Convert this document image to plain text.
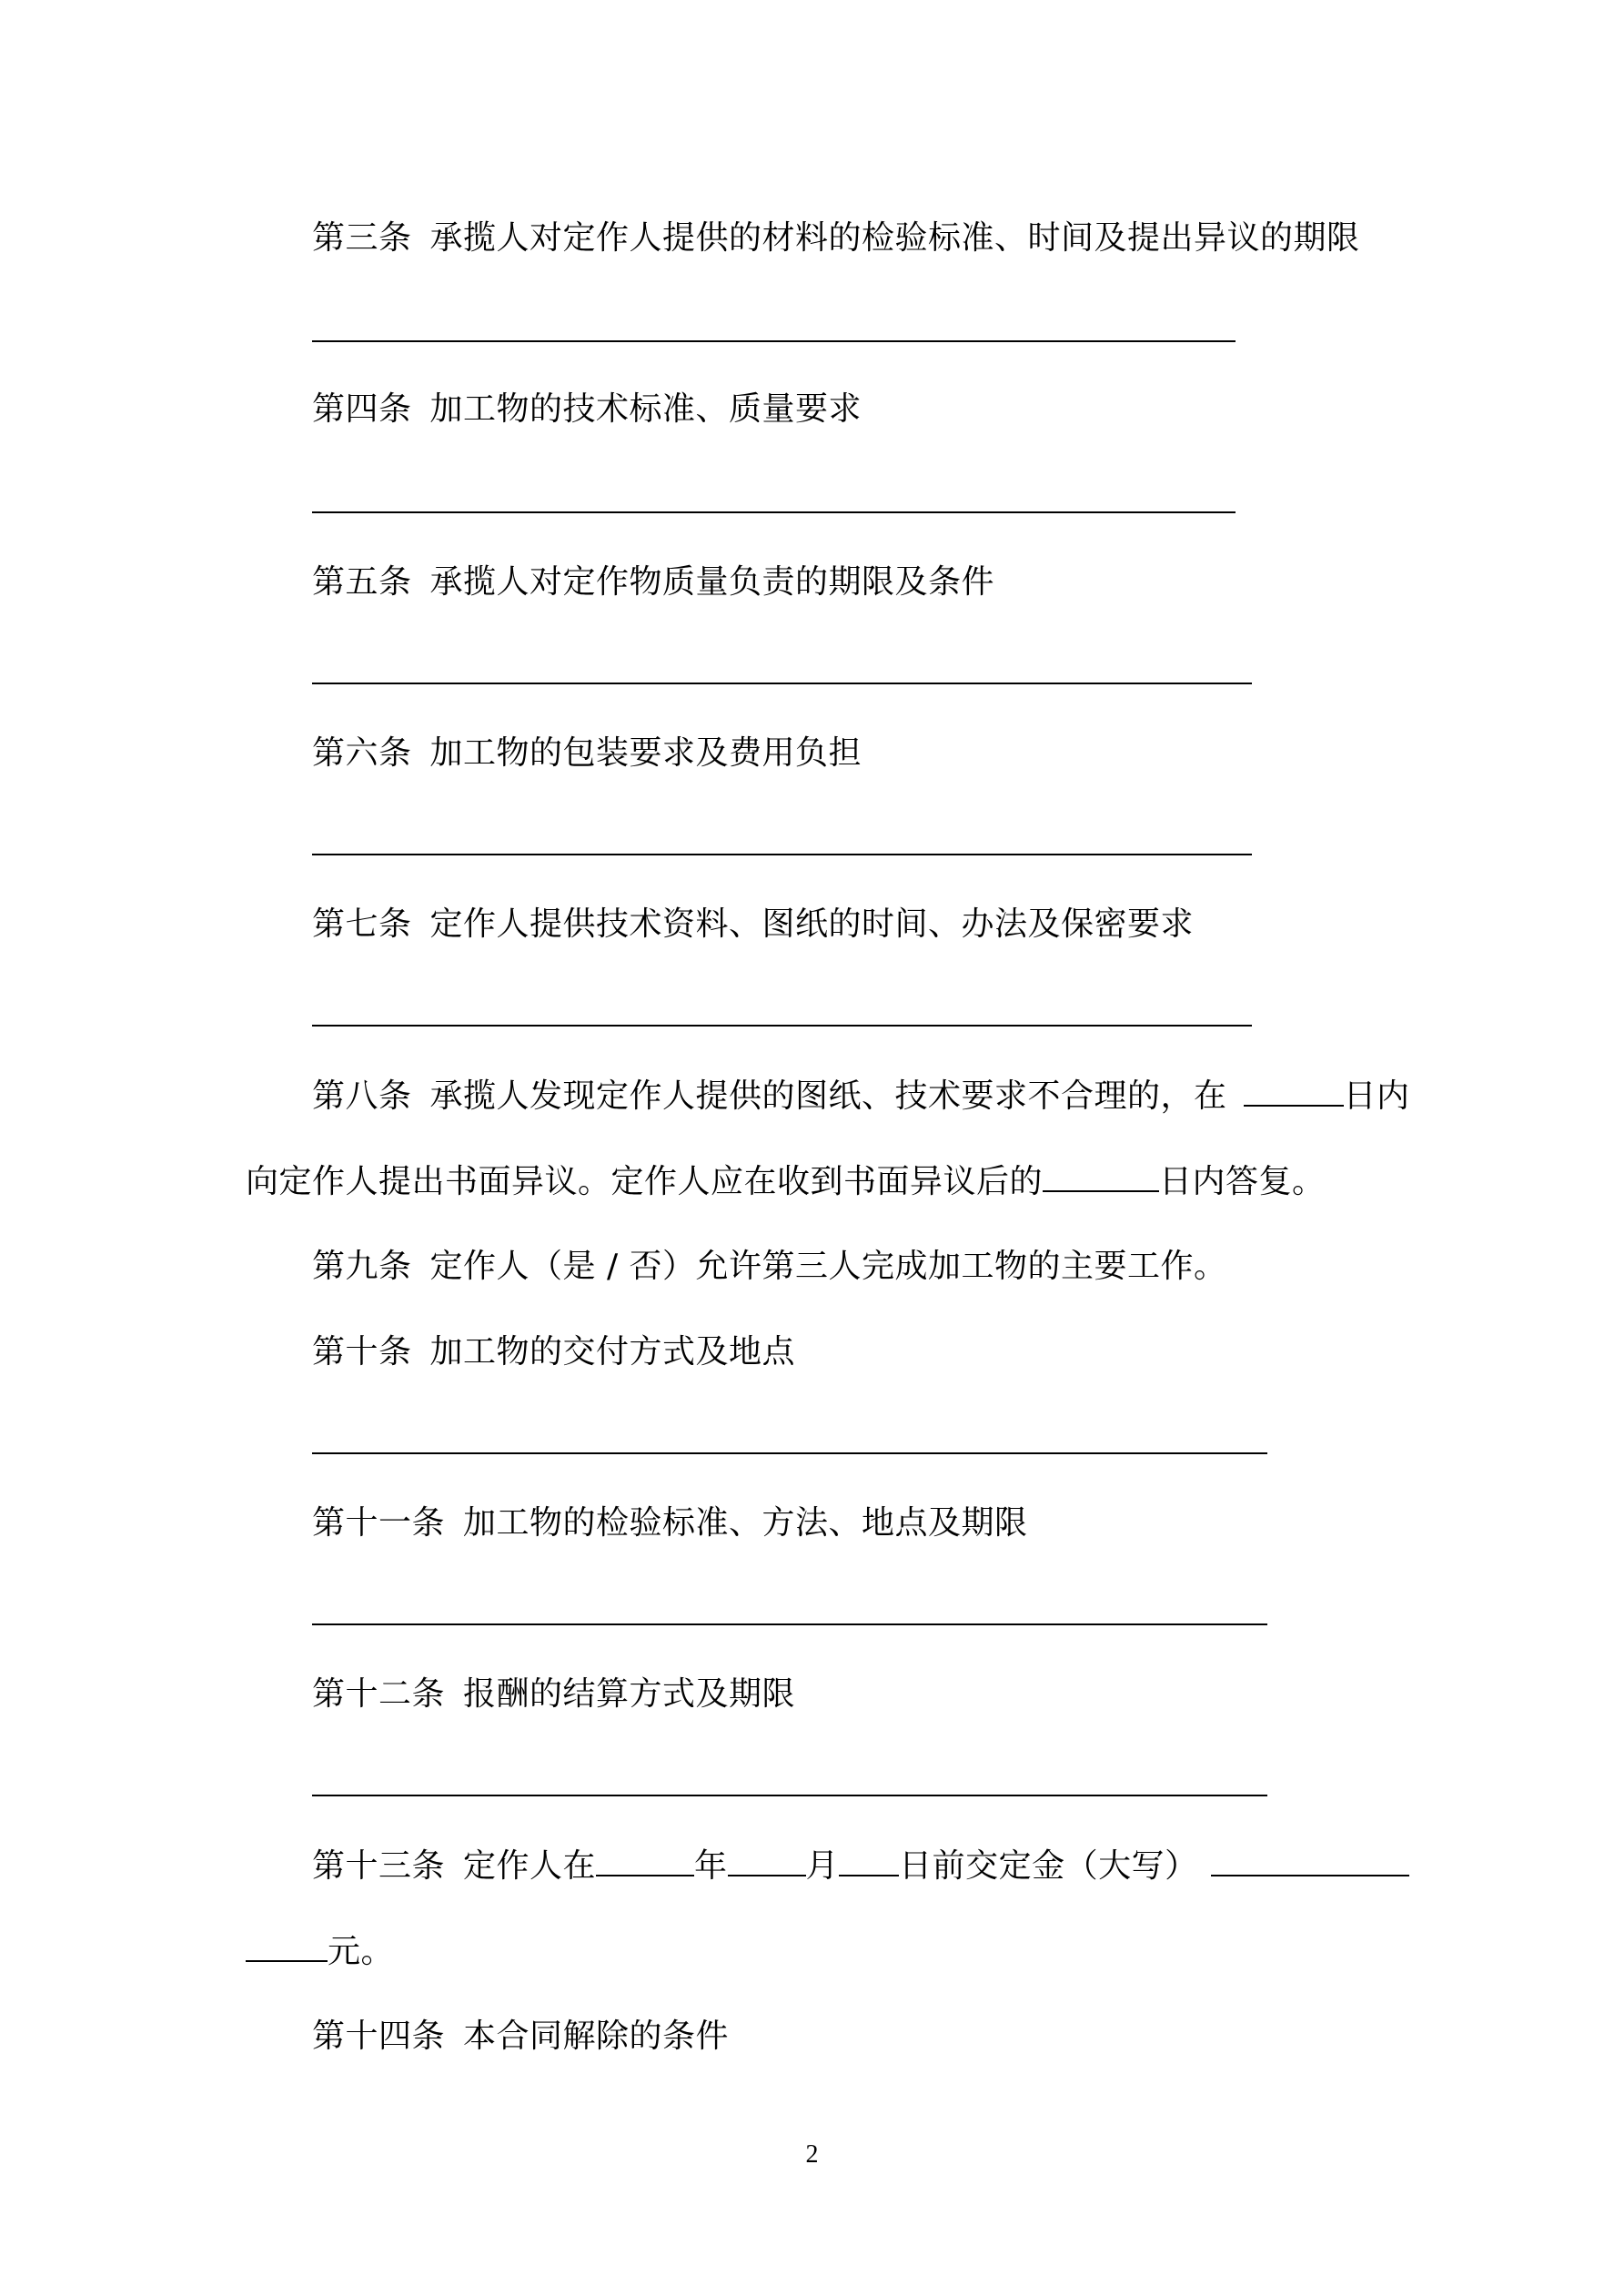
第三条 承揽人对定作人提供的材料的检验标准、时间及提出异议的期限
第四条 加工物的技术标准、质量要求
第五条 承揽人对定作物质量负责的期限及条件
第六条 加工物的包装要求及费用负担
第七条 定作人提供技术资料、图纸的时间、办法及保密要求
第八条 承揽人发现定作人提供的图纸、技术要求不合理的，在	日内
向定作人提出书面异议。定作人应在收到书面异议后的	日内答复。
第九条 定作人（是 / 否）允许第三人完成加工物的主要工作。
第十条 加工物的交付方式及地点
第十一条 加工物的检验标准、方法、地点及期限
第十二条 报酬的结算方式及期限
第十三条 定作人在	年 月 日前交定金（大写）
元。
第十四条 本合同解除的条件
2
